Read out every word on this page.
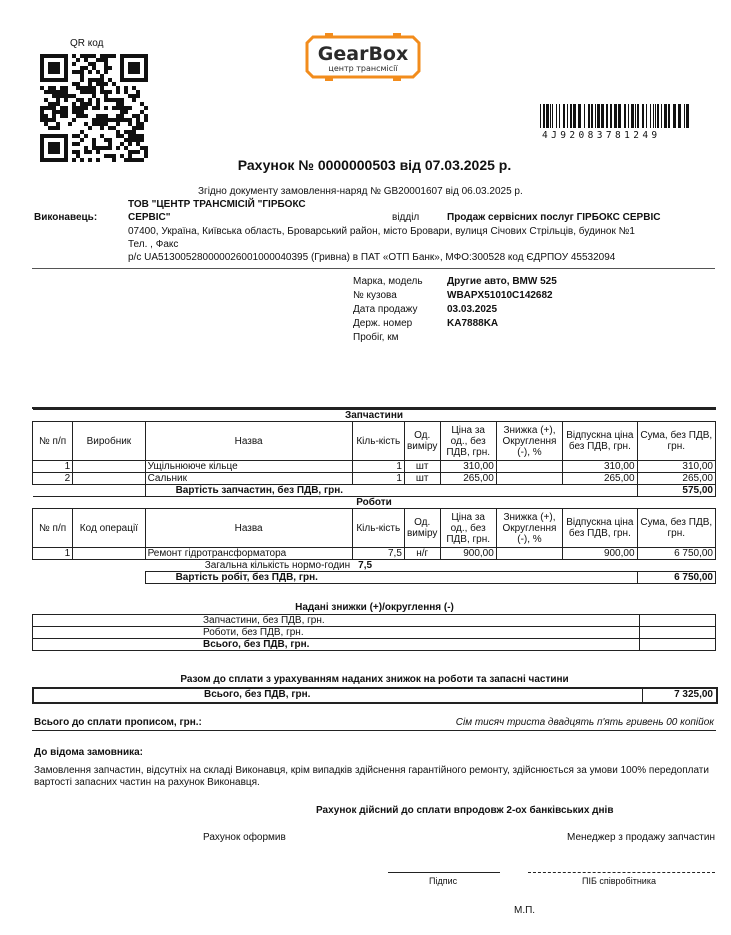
QR код	GearBox
центр трансмісії
4J92083781249
Рахунок № 0000000503 від 07.03.2025 р.
Згідно документу замовлення-наряд № GB20001607 від 06.03.2025 р.
Виконавець:
ТОВ "ЦЕНТР ТРАНСМІСІЙ "ГІРБОКС
СЕРВІС"	відділ	Продаж сервісних послуг ГІРБОКС СЕРВІС
07400, Україна, Київська область, Броварський район, місто Бровари, вулиця Січових Стрільців, будинок №1
Тел. , Факс
р/с UA513005280000026001000040395 (Гривна) в ПАТ «ОТП Банк», МФО:300528 код ЄДРПОУ 45532094
Марка, модель Другие авто, BMW 525
№ кузова	WBAPX51010C142682
Дата продажу	03.03.2025
Держ. номер	KA7888KA
Пробіг, км
Запчастини								
№ п/п	Виробник	Назва	Кіль-кість	Од. виміру	Ціна за од., без ПДВ, грн.	Знижка (+), Округлення (-), %	Відпускна ціна без ПДВ, грн.	Сума, без ПДВ, грн.
1		Ущільнююче кільце	1	шт	310,00		310,00	310,00
2		Сальник	1	шт	265,00		265,00	265,00
		Вартість запчастин, без ПДВ, грн.						575,00
Роботи								
№ п/п	Код операції	Назва	Кіль-кість	Од. виміру	Ціна за од., без ПДВ, грн.	Знижка (+), Округлення (-), %	Відпускна ціна без ПДВ, грн.	Сума, без ПДВ, грн.
1		Ремонт гідротрансформатора	7,5	н/г	900,00		900,00	6 750,00
		Загальна кількість нормо-годин	7,5					
		Вартість робіт, без ПДВ, грн.						6 750,00
Надані знижки (+)/округлення (-)
Запчастини, без ПДВ, грн.	
Роботи, без ПДВ, грн.	
Всього, без ПДВ, грн.	
Разом до сплати з урахуванням наданих знижок на роботи та запасні частини
Всього, без ПДВ, грн.	7 325,00
Всього до сплати прописом, грн.:	Сім тисяч триста двадцять п'ять гривень 00 копійок
До відома замовника:
Замовлення запчастин, відсутніх на складі Виконавця, крім випадків здійснення гарантійного ремонту, здійснюється за умови 100% передоплати вартості запасних частин на рахунок Виконавця.
Рахунок дійсний до сплати впродовж 2-ох банківських днів
Рахунок оформив	Менеджер з продажу запчастин
Підпис	ПІБ співробітника
М.П.
